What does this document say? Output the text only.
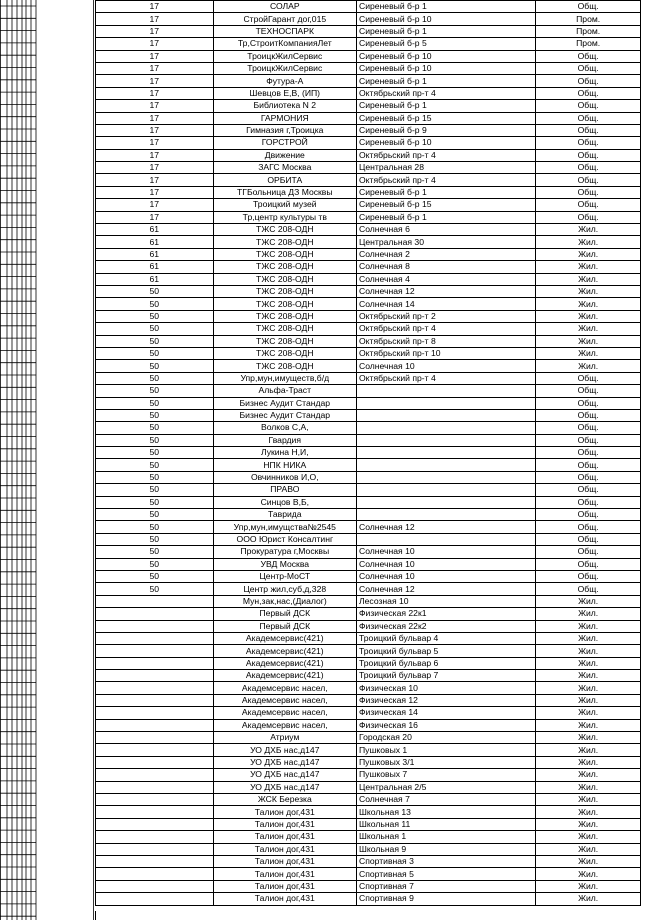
17	СОЛАР	Сиреневый б-р 1	Общ.
17	СтройГарант дог,015	Сиреневый б-р 10	Пром.
17	ТЕХНОСПАРК	Сиреневый б-р 1	Пром.
17	Тр,СтроитКомпанияЛет	Сиреневый б-р 5	Пром.
17	ТроицкЖилСервис	Сиреневый б-р 10	Общ.
17	ТроицкЖилСервис	Сиреневый б-р 10	Общ.
17	Футура-А	Сиреневый б-р 1	Общ.
17	Шевцов Е,В, (ИП)	Октябрьский пр-т 4	Общ.
17	Библиотека N 2	Сиреневый б-р 1	Общ.
17	ГАРМОНИЯ	Сиреневый б-р 15	Общ.
17	Гимназия г,Троицка	Сиреневый б-р 9	Общ.
17	ГОРСТРОЙ	Сиреневый б-р 10	Общ.
17	Движение	Октябрьский пр-т 4	Общ.
17	ЗАГС Москва	Центральная 28	Общ.
17	ОРБИТА	Октябрьский пр-т 4	Общ.
17	ТГБольница ДЗ Москвы	Сиреневый б-р 1	Общ.
17	Троицкий музей	Сиреневый б-р 15	Общ.
17	Тр,центр культуры тв	Сиреневый б-р 1	Общ.
61	ТЖС 208-ОДН	Солнечная 6	Жил.
61	ТЖС 208-ОДН	Центральная 30	Жил.
61	ТЖС 208-ОДН	Солнечная 2	Жил.
61	ТЖС 208-ОДН	Солнечная 8	Жил.
61	ТЖС 208-ОДН	Солнечная 4	Жил.
50	ТЖС 208-ОДН	Солнечная 12	Жил.
50	ТЖС 208-ОДН	Солнечная 14	Жил.
50	ТЖС 208-ОДН	Октябрьский пр-т 2	Жил.
50	ТЖС 208-ОДН	Октябрьский пр-т 4	Жил.
50	ТЖС 208-ОДН	Октябрьский пр-т 8	Жил.
50	ТЖС 208-ОДН	Октябрьский пр-т 10	Жил.
50	ТЖС 208-ОДН	Солнечная 10	Жил.
50	Упр,мун,имуществ,б/д	Октябрьский пр-т 4	Общ.
50	Альфа-Траст		Общ.
50	Бизнес Аудит Стандар		Общ.
50	Бизнес Аудит Стандар		Общ.
50	Волков С,А,		Общ.
50	Гвардия		Общ.
50	Лукина Н,И,		Общ.
50	НПК НИКА		Общ.
50	Овчинников И,О,		Общ.
50	ПРАВО		Общ.
50	Синцов В,Б,		Общ.
50	Таврида		Общ.
50	Упр,мун,имущства№2545	Солнечная 12	Общ.
50	ООО Юрист Консалтинг		Общ.
50	Прокуратура г,Москвы	Солнечная 10	Общ.
50	УВД Москва	Солнечная 10	Общ.
50	Центр-МоСТ	Солнечная 10	Общ.
50	Центр жил,суб,д,328	Солнечная 12	Общ.
	Мун,зак,нас,(Диалог)	Лесозная 10	Жил.
	Первый ДСК	Физическая 22к1	Жил.
	Первый ДСК	Физическая 22к2	Жил.
	Академсервис(421)	Троицкий бульвар 4	Жил.
	Академсервис(421)	Троицкий бульвар 5	Жил.
	Академсервис(421)	Троицкий бульвар 6	Жил.
	Академсервис(421)	Троицкий бульвар 7	Жил.
	Академсервис насел,	Физическая 10	Жил.
	Академсервис насел,	Физическая 12	Жил.
	Академсервис насел,	Физическая 14	Жил.
	Академсервис насел,	Физическая 16	Жил.
	Атриум	Городская 20	Жил.
	УО ДХБ нас,д147	Пушковых 1	Жил.
	УО ДХБ нас,д147	Пушковых 3/1	Жил.
	УО ДХБ нас,д147	Пушковых 7	Жил.
	УО ДХБ нас,д147	Центральная 2/5	Жил.
	ЖСК Березка	Солнечная 7	Жил.
	Талион дог,431	Школьная 13	Жил.
	Талион дог,431	Школьная 11	Жил.
	Талион дог,431	Школьная 1	Жил.
	Талион дог,431	Школьная 9	Жил.
	Талион дог,431	Спортивная 3	Жил.
	Талион дог,431	Спортивная 5	Жил.
	Талион дог,431	Спортивная 7	Жил.
	Талион дог,431	Спортивная 9	Жил.
